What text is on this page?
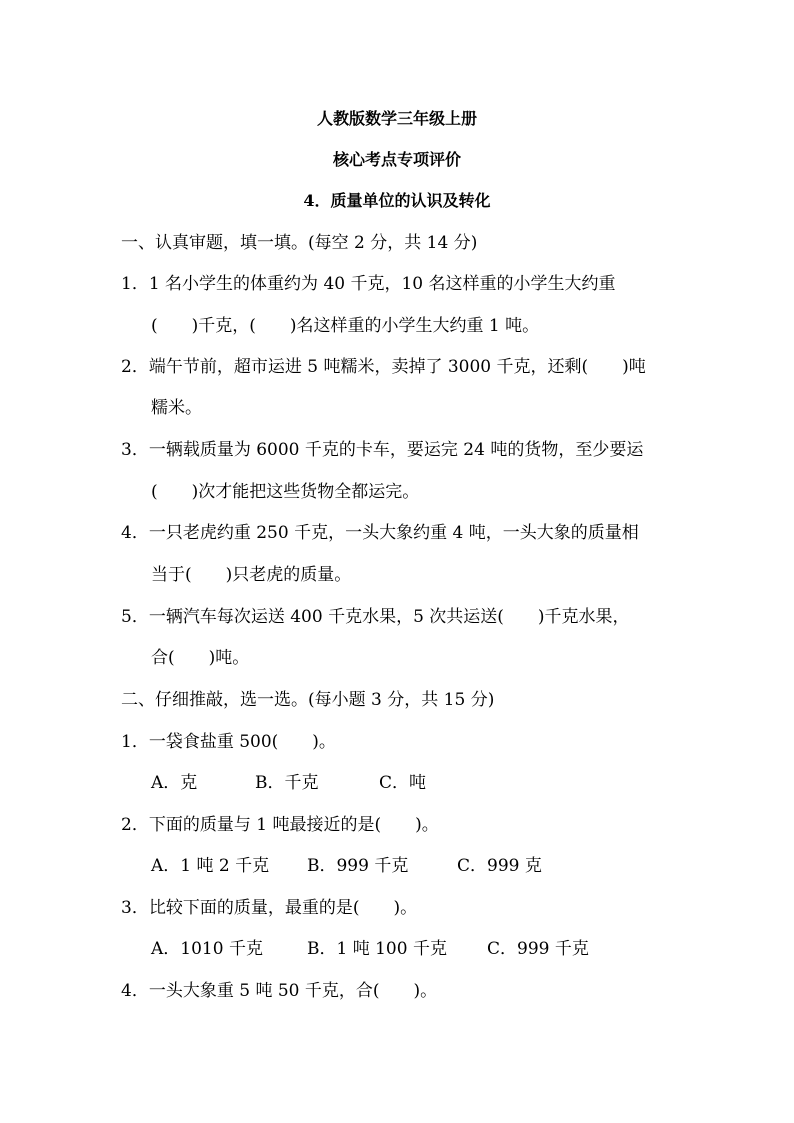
人教版数学三年级上册
核心考点专项评价
4．质量单位的认识及转化
一、认真审题，填一填。(每空 2 分，共 14 分)
1．1 名小学生的体重约为 40 千克，10 名这样重的小学生大约重
(　　)千克，(　　)名这样重的小学生大约重 1 吨。
2．端午节前，超市运进 5 吨糯米，卖掉了 3000 千克，还剩(　　)吨
糯米。
3．一辆载质量为 6000 千克的卡车，要运完 24 吨的货物，至少要运
(　　)次才能把这些货物全都运完。
4．一只老虎约重 250 千克，一头大象约重 4 吨，一头大象的质量相
当于(　　)只老虎的质量。
5．一辆汽车每次运送 400 千克水果，5 次共运送(　　)千克水果，
合(　　)吨。
二、仔细推敲，选一选。(每小题 3 分，共 15 分)
1．一袋食盐重 500(　　)。
A．克	B．千克	C．吨
2．下面的质量与 1 吨最接近的是(　　)。
A．1 吨 2 千克 B．999 千克	C．999 克
3．比较下面的质量，最重的是(　　)。
A．1010 千克	B．1 吨 100 千克 C．999 千克
4．一头大象重 5 吨 50 千克，合(　　)。
